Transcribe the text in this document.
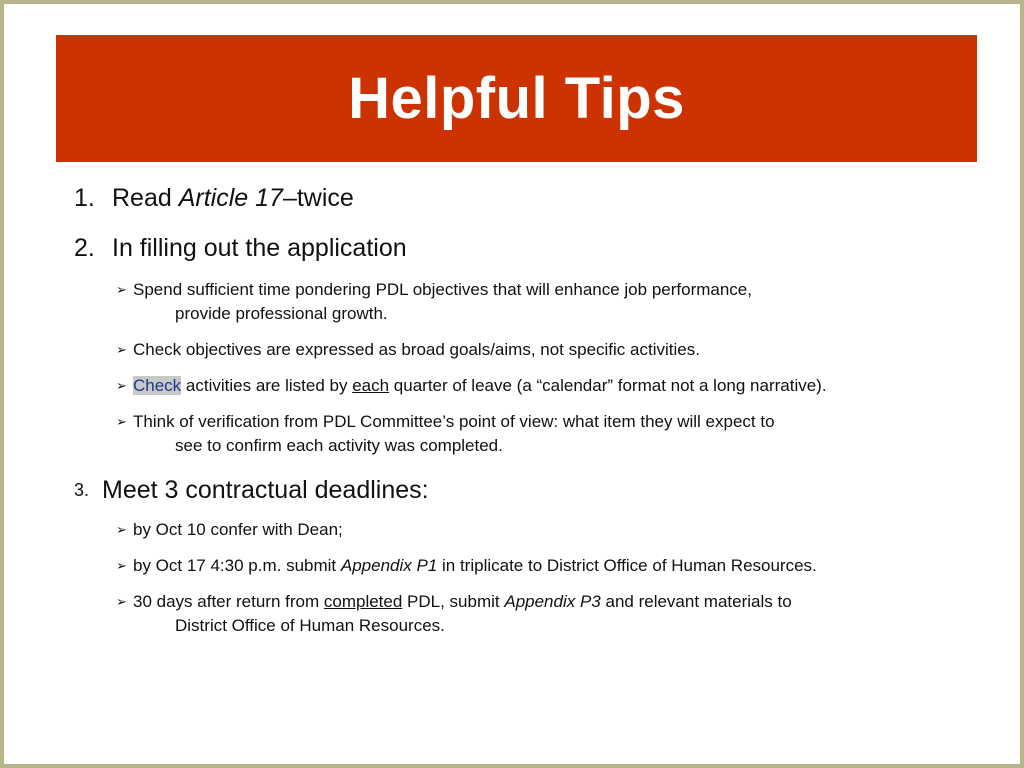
Helpful Tips
1. Read Article 17–twice
2. In filling out the application
➢ Spend sufficient time pondering PDL objectives that will enhance job performance,
provide professional growth.
➢ Check objectives are expressed as broad goals/aims, not specific activities.
➢ Check activities are listed by each quarter of leave (a “calendar” format not a long narrative).
➢ Think of verification from PDL Committee’s point of view: what item they will expect to
see to confirm each activity was completed.
3. Meet 3 contractual deadlines:
➢ by Oct 10 confer with Dean;
➢ by Oct 17 4:30 p.m. submit Appendix P1 in triplicate to District Office of Human Resources.
➢ 30 days after return from completed PDL, submit Appendix P3 and relevant materials to
District Office of Human Resources.
